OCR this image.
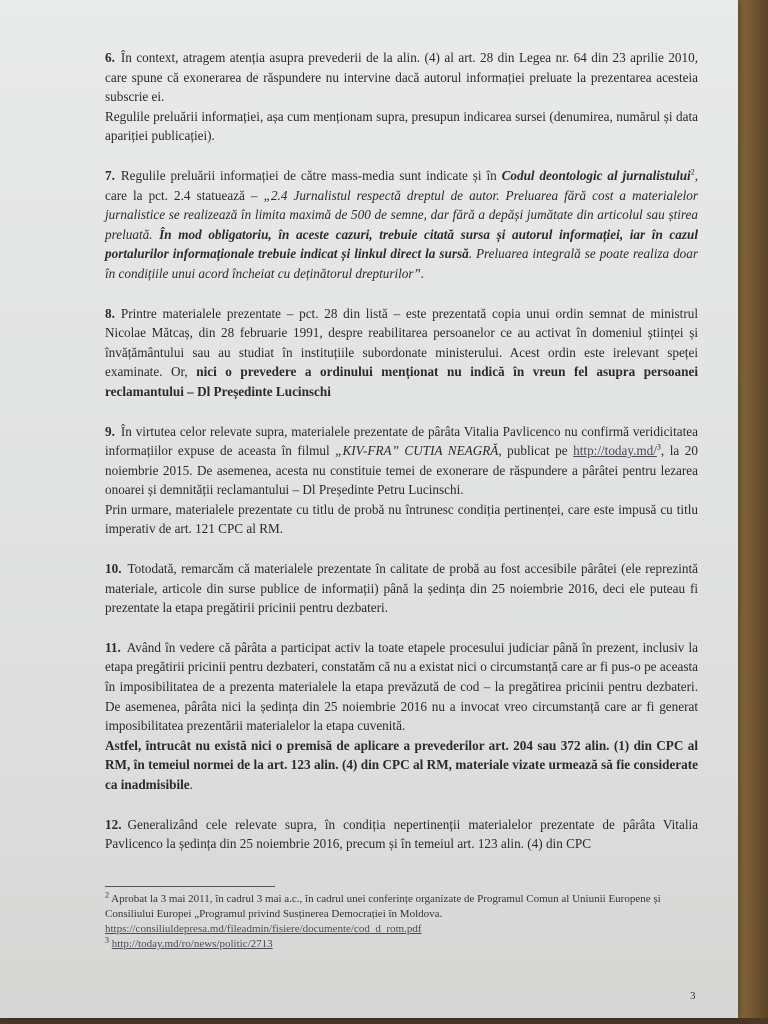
6. În context, atragem atenția asupra prevederii de la alin. (4) al art. 28 din Legea nr. 64 din 23 aprilie 2010, care spune că exonerarea de răspundere nu intervine dacă autorul informației preluate la prezentarea acesteia subscrie ei.

Regulile preluării informației, așa cum menționam supra, presupun indicarea sursei (denumirea, numărul și data apariției publicației).

7. Regulile preluării informației de către mass-media sunt indicate și în Codul deontologic al jurnalistului$^2$, care la pct. 2.4 statuează – „2.4 Jurnalistul respectă dreptul de autor. Preluarea fără cost a materialelor jurnalistice se realizează în limita maximă de 500 de semne, dar fără a depăși jumătate din articolul sau știrea preluată. În mod obligatoriu, în aceste cazuri, trebuie citată sursa și autorul informației, iar în cazul portalurilor informaționale trebuie indicat și linkul direct la sursă. Preluarea integrală se poate realiza doar în condițiile unui acord încheiat cu deținătorul drepturilor”.

8. Printre materialele prezentate – pct. 28 din listă – este prezentată copia unui ordin semnat de ministrul Nicolae Mătcaș, din 28 februarie 1991, despre reabilitarea persoanelor ce au activat în domeniul științei și învățământului sau au studiat în instituțiile subordonate ministerului. Acest ordin este irelevant speței examinate. Or, nici o prevedere a ordinului menționat nu indică în vreun fel asupra persoanei reclamantului – Dl Președinte Lucinschi

9. În virtutea celor relevate supra, materialele prezentate de pârâta Vitalia Pavlicenco nu confirmă veridicitatea informațiilor expuse de aceasta în filmul „KIV-FRA” CUTIA NEAGRĂ, publicat pe http://today.md/$^3$, la 20 noiembrie 2015. De asemenea, acesta nu constituie temei de exonerare de răspundere a pârâtei pentru lezarea onoarei și demnității reclamantului – Dl Președinte Petru Lucinschi.

Prin urmare, materialele prezentate cu titlu de probă nu întrunesc condiția pertinenței, care este impusă cu titlu imperativ de art. 121 CPC al RM.

10. Totodată, remarcăm că materialele prezentate în calitate de probă au fost accesibile pârâtei (ele reprezintă materiale, articole din surse publice de informații) până la ședința din 25 noiembrie 2016, deci ele puteau fi prezentate la etapa pregătirii pricinii pentru dezbateri.

11. Având în vedere că pârâta a participat activ la toate etapele procesului judiciar până în prezent, inclusiv la etapa pregătirii pricinii pentru dezbateri, constatăm că nu a existat nici o circumstanță care ar fi pus-o pe aceasta în imposibilitatea de a prezenta materialele la etapa prevăzută de cod – la pregătirea pricinii pentru dezbateri. De asemenea, pârâta nici la ședința din 25 noiembrie 2016 nu a invocat vreo circumstanță care ar fi generat imposibilitatea prezentării materialelor la etapa cuvenită.

Astfel, întrucât nu există nici o premisă de aplicare a prevederilor art. 204 sau 372 alin. (1) din CPC al RM, în temeiul normei de la art. 123 alin. (4) din CPC al RM, materiale vizate urmează să fie considerate ca inadmisibile.

12. Generalizând cele relevate supra, în condiția nepertinenții materialelor prezentate de pârâta Vitalia Pavlicenco la ședința din 25 noiembrie 2016, precum și în temeiul art. 123 alin. (4) din CPC

$^2$ Aprobat la 3 mai 2011, în cadrul 3 mai a.c., în cadrul unei conferințe organizate de Programul Comun al Uniunii Europene și Consiliului Europei „Programul privind Susținerea Democrației în Moldova.

https://consiliuldepresa.md/fileadmin/fisiere/documente/cod_d_rom.pdf

$^3$ http://today.md/ro/news/politic/2713

3
